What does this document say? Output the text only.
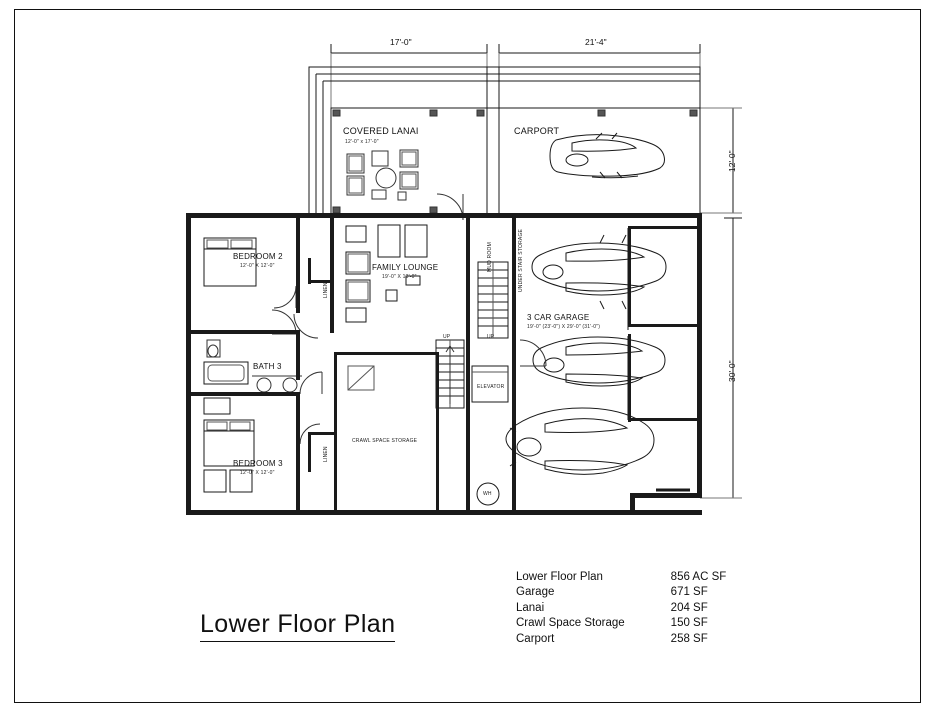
17'-0"	21'-4"
12'-0"
30'-0"
COVERED LANAI
12'-0" x 17'-0"
CARPORT
BEDROOM 2
12'-0" X 12'-0"	FAMILY LOUNGE
19'-0" X 13'-0"
MUD ROOM	UNDER STAIR STORAGE
3 CAR GARAGE
19'-0" (23'-0") X 29'-0" (31'-0")
BATH 3
LINEN
LINEN
BEDROOM 3
12'-0" X 12'-0"
CRAWL SPACE STORAGE
ELEVATOR
UP	UP
WH
Lower Floor Plan
Lower Floor Plan	856 AC SF
Garage	671 SF
Lanai	204 SF
Crawl Space Storage	150 SF
Carport	258 SF
